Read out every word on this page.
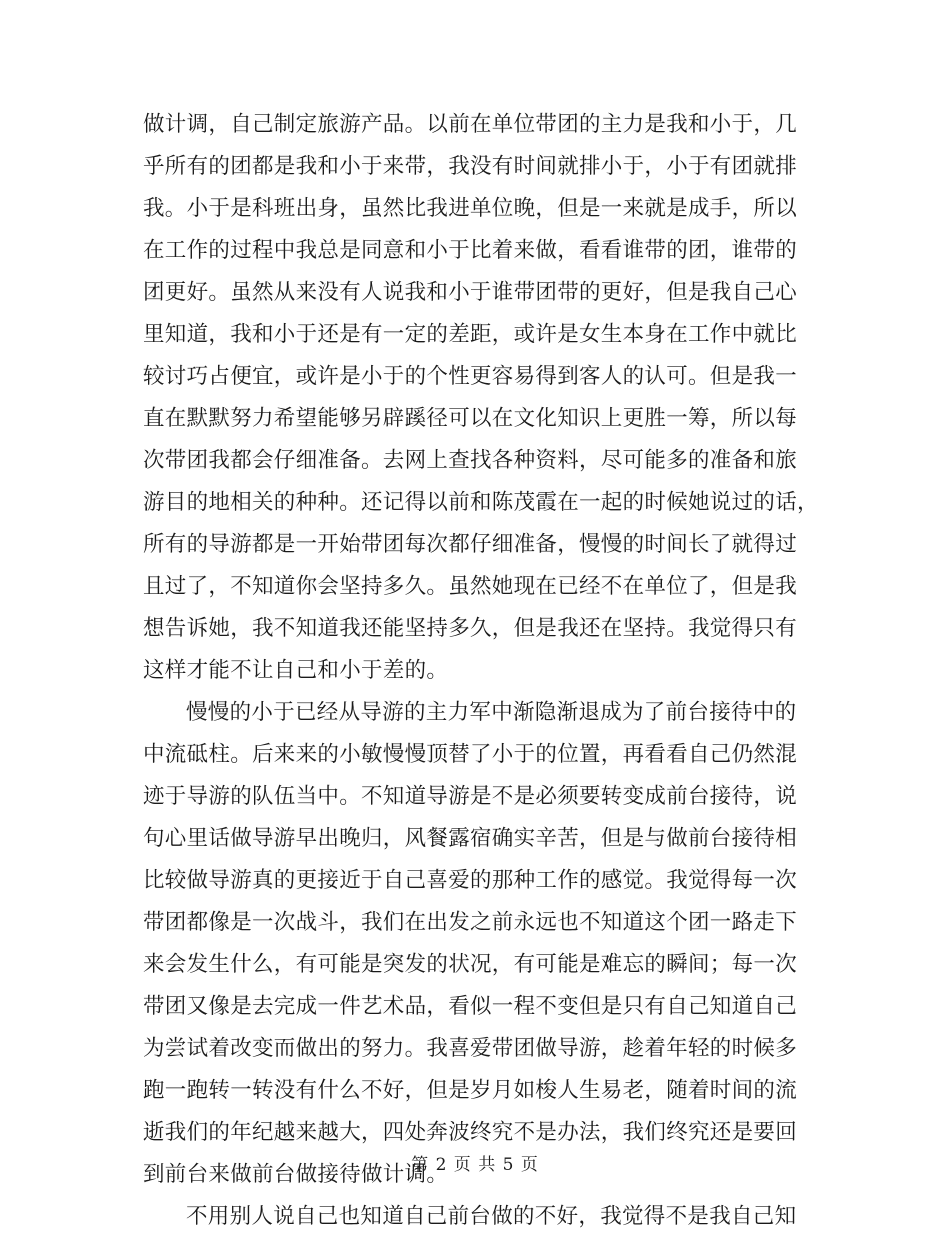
做计调，自己制定旅游产品。以前在单位带团的主力是我和小于，几
乎所有的团都是我和小于来带，我没有时间就排小于，小于有团就排
我。小于是科班出身，虽然比我进单位晚，但是一来就是成手，所以
在工作的过程中我总是同意和小于比着来做，看看谁带的团，谁带的
团更好。虽然从来没有人说我和小于谁带团带的更好，但是我自己心
里知道，我和小于还是有一定的差距，或许是女生本身在工作中就比
较讨巧占便宜，或许是小于的个性更容易得到客人的认可。但是我一
直在默默努力希望能够另辟蹊径可以在文化知识上更胜一筹，所以每
次带团我都会仔细准备。去网上查找各种资料，尽可能多的准备和旅
游目的地相关的种种。还记得以前和陈茂霞在一起的时候她说过的话，
所有的导游都是一开始带团每次都仔细准备，慢慢的时间长了就得过
且过了，不知道你会坚持多久。虽然她现在已经不在单位了，但是我
想告诉她，我不知道我还能坚持多久，但是我还在坚持。我觉得只有
这样才能不让自己和小于差的。
慢慢的小于已经从导游的主力军中渐隐渐退成为了前台接待中的
中流砥柱。后来来的小敏慢慢顶替了小于的位置，再看看自己仍然混
迹于导游的队伍当中。不知道导游是不是必须要转变成前台接待，说
句心里话做导游早出晚归，风餐露宿确实辛苦，但是与做前台接待相
比较做导游真的更接近于自己喜爱的那种工作的感觉。我觉得每一次
带团都像是一次战斗，我们在出发之前永远也不知道这个团一路走下
来会发生什么，有可能是突发的状况，有可能是难忘的瞬间；每一次
带团又像是去完成一件艺术品，看似一程不变但是只有自己知道自己
为尝试着改变而做出的努力。我喜爱带团做导游，趁着年轻的时候多
跑一跑转一转没有什么不好，但是岁月如梭人生易老，随着时间的流
逝我们的年纪越来越大，四处奔波终究不是办法，我们终究还是要回
到前台来做前台做接待做计调。
不用别人说自己也知道自己前台做的不好，我觉得不是我自己知
第 2 页 共 5 页
